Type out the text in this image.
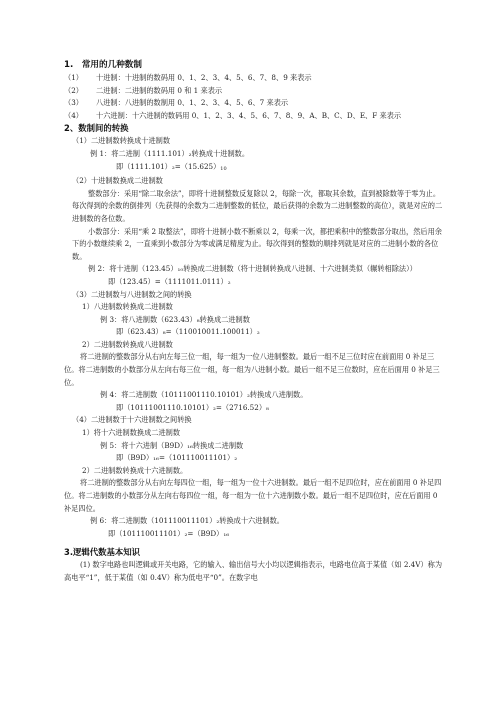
1.　常用的几种数制
（1）	十进制：十进制的数码用 0、1、2、3、4、5、6、7、8、9 来表示
（2）	二进制：二进制的数码用 0 和 1 来表示
（3）	八进制：八进制的数制用 0、1、2、3、4、5、6、7 来表示
（4）	十六进制：十六进制的数码用 0、1、2、3、4、5、6、7、8、9、A、B、C、D、E、F 来表示
2、数制间的转换
（1）二进制数转换成十进制数
例 1：将二进制（1111.101）₂转换成十进制数。
即$(1111.101)_2=(15.625)_{10}$
（2）十进制数换成二进制数
整数部分：采用“除二取余法”，即将十进制整数反复除以 2，每除一次，都取其余数，直到被除数等于零为止。每次得到的余数的倒排列（先获得的余数为二进制整数的低位，最后获得的余数为二进制整数的高位），就是对应的二进制数的各位数。
小数部分：采用“乘 2 取整法”，即将十进制小数不断乘以 2，每乘一次，都把乘积中的整数部分取出，然后用余下的小数继续乘 2，一直乘到小数部分为零或满足精度为止。每次得到的整数的顺排列就是对应的二进制小数的各位数。
例 2：将十进制（123.45）₁₀转换成二进制数（将十进制转换成八进制、十六进制类似（辗转相除法））
即（123.45）=（1111011.0111）₂
（3）二进制数与八进制数之间的转换
1）八进制数转换成二进制数
例 3：将八进制数（623.43）₈转换成二进制数
即（623.43）₈=（110010011.100011）₂
2）二进制数转换成八进制数
将二进制的整数部分从右向左每三位一组，每一组为一位八进制整数。最后一组不足三位时应在前面用 0 补足三位。将二进制数的小数部分从左向右每三位一组，每一组为八进制小数。最后一组不足三位数时，应在后面用 0 补足三位。
例 4：将二进制数（10111001110.10101）₂转换成八进制数。
即（10111001110.10101）₂=（2716.52）₈
（4）二进制数于十六进制数之间转换
1）将十六进制数换成二进制数
例 5：将十六进制（B9D）₁₆转换成二进制数
即（B9D）₁₆=（101110011101）₂
2）二进制数转换成十六进制数。
将二进制的整数部分从右向左每四位一组，每一组为一位十六进制数。最后一组不足四位时，应在前面用 0 补足四位。将二进制数的小数部分从左向右每四位一组，每一组为一位十六进制数小数。最后一组不足四位时，应在后面用 0 补足四位。
例 6：将二进制数（101110011101）₂转换成十六进制数。
即（101110011101）₂=（B9D）₁₆
3.逻辑代数基本知识
(1) 数字电路也叫逻辑或开关电路，它的输入、输出信号大小均以逻辑指表示，电路电位高于某值（如 2.4V）称为高电平“1”，低于某值（如 0.4V）称为低电平“0”。在数字电
